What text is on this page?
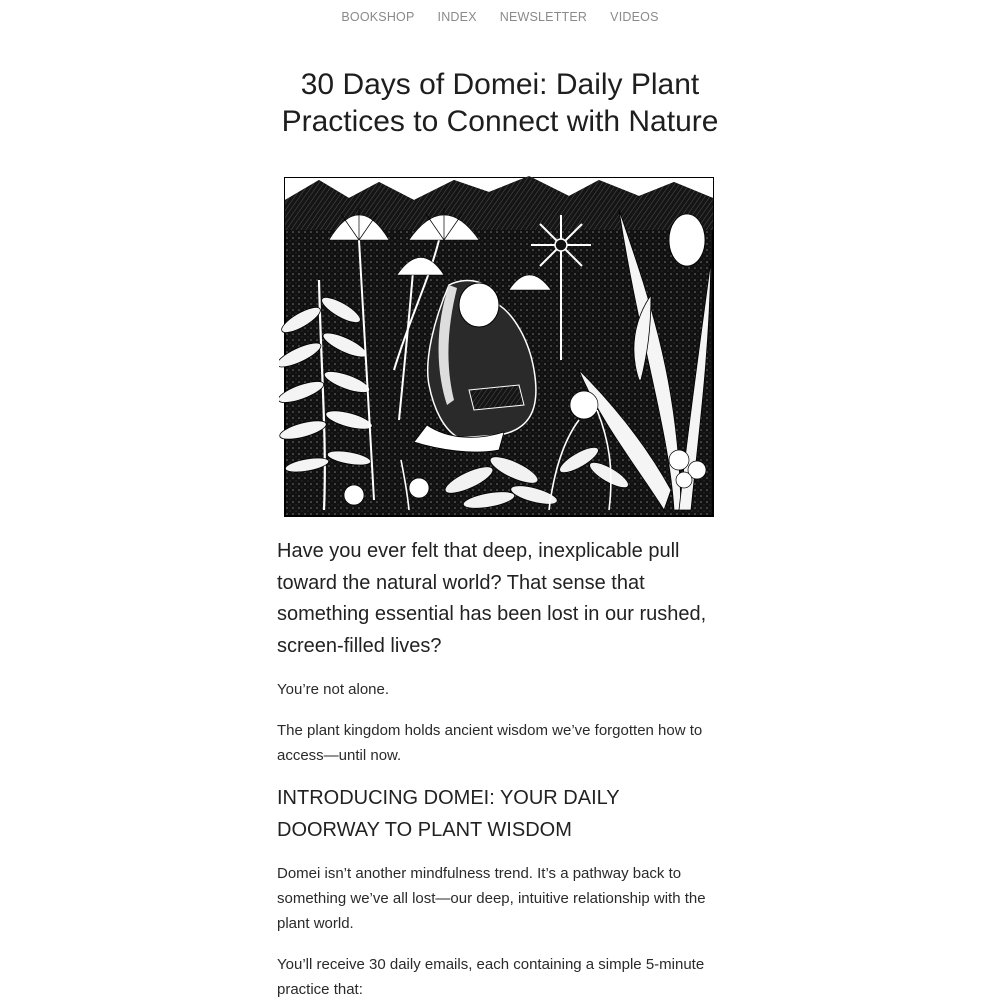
BOOKSHOP INDEX NEWSLETTER VIDEOS
30 Days of Domei: Daily Plant Practices to Connect with Nature

Have you ever felt that deep, inexplicable pull toward the natural world? That sense that something essential has been lost in our rushed, screen-filled lives?

You’re not alone.

The plant kingdom holds ancient wisdom we’ve forgotten how to access—until now.

INTRODUCING DOMEI: YOUR DAILY DOORWAY TO PLANT WISDOM

Domei isn’t another mindfulness trend. It’s a pathway back to something we’ve all lost—our deep, intuitive relationship with the plant world.

You’ll receive 30 daily emails, each containing a simple 5-minute practice that:
